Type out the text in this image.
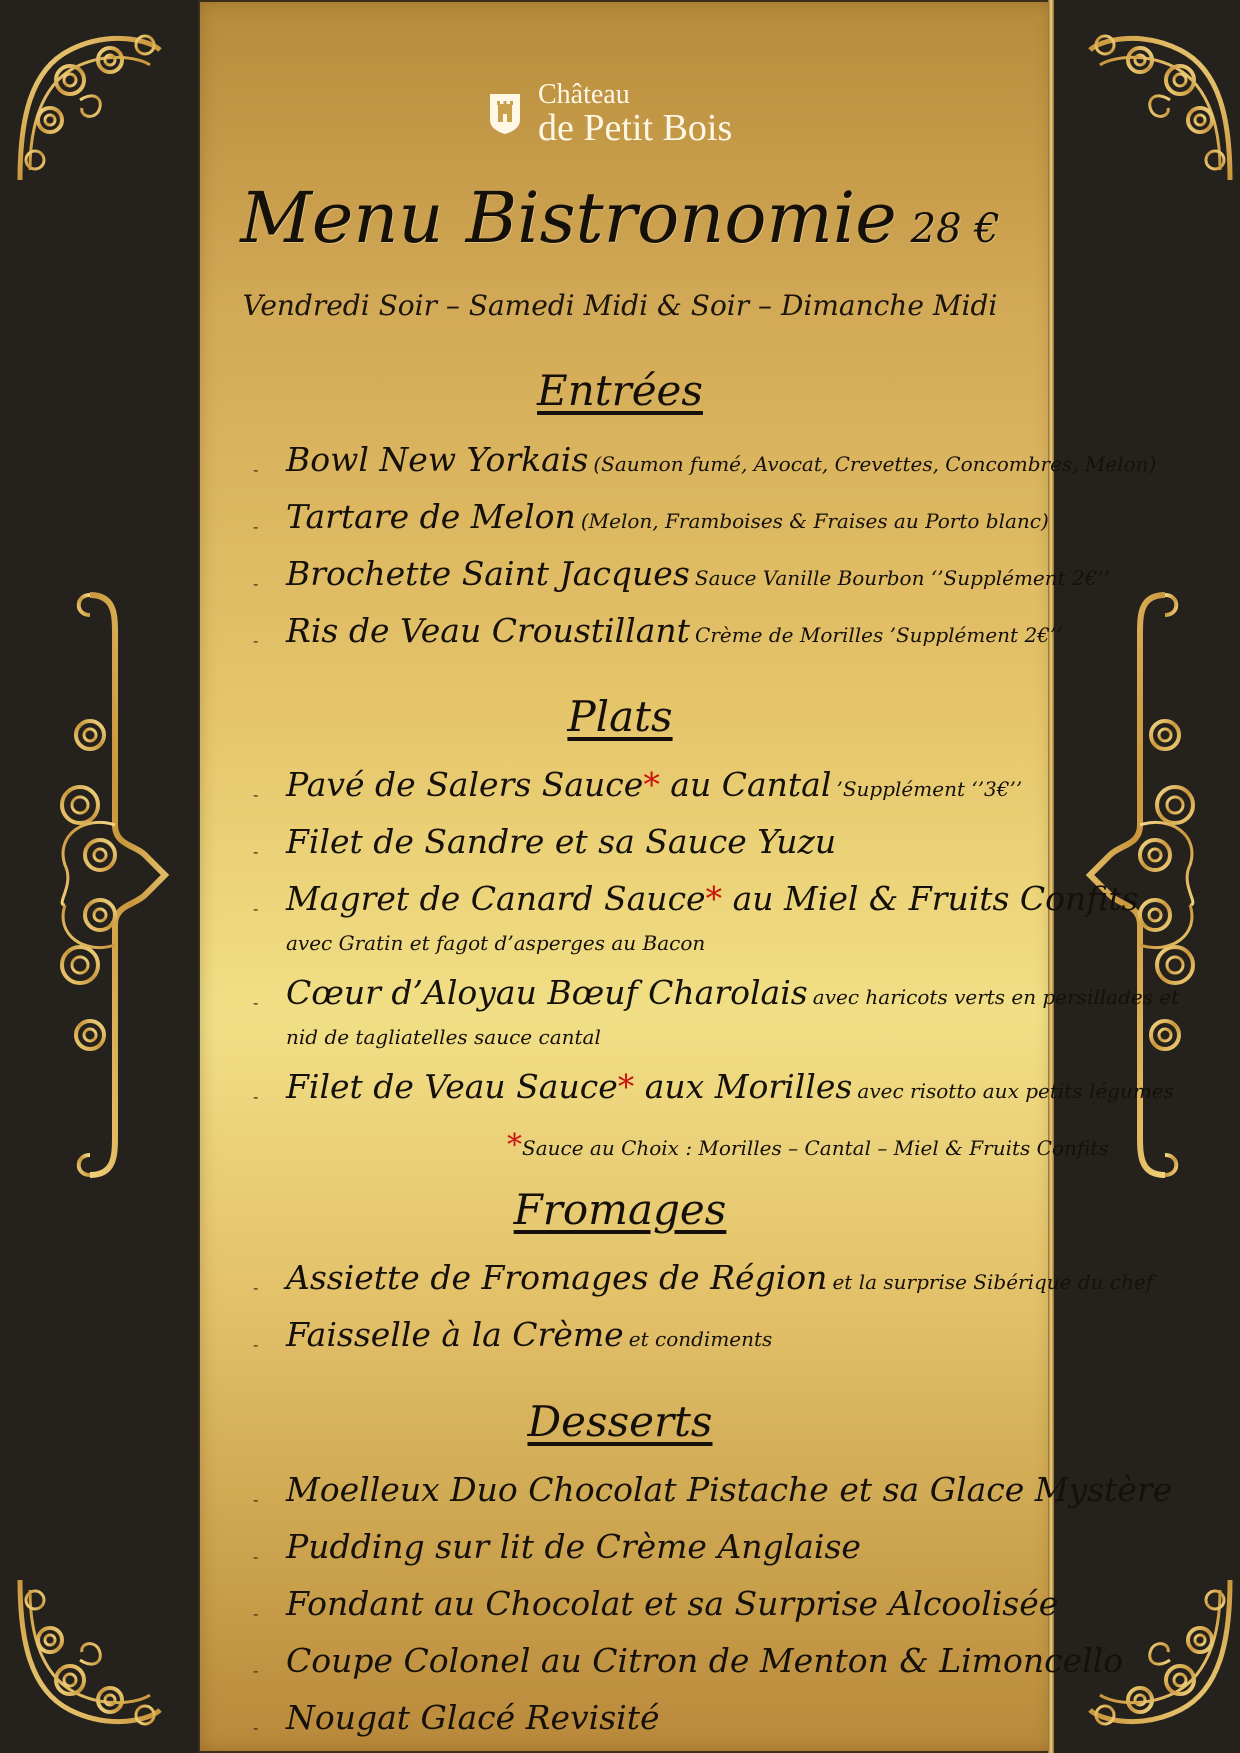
Château
de Petit Bois
Menu Bistronomie 28 €
Vendredi Soir – Samedi Midi & Soir – Dimanche Midi
Entrées
- Bowl New Yorkais (Saumon fumé, Avocat, Crevettes, Concombres, Melon)
- Tartare de Melon (Melon, Framboises & Fraises au Porto blanc)
- Brochette Saint Jacques Sauce Vanille Bourbon ‘’Supplément 2€’’
- Ris de Veau Croustillant Crème de Morilles ’Supplément 2€’’
Plats
- Pavé de Salers Sauce* au Cantal ’Supplément ‘’3€’’
- Filet de Sandre et sa Sauce Yuzu
- Magret de Canard Sauce* au Miel & Fruits Confits
avec Gratin et fagot d’asperges au Bacon
- Cœur d’Aloyau Bœuf Charolais avec haricots verts en persillades et
nid de tagliatelles sauce cantal
- Filet de Veau Sauce* aux Morilles avec risotto aux petits légumes
*Sauce au Choix : Morilles – Cantal – Miel & Fruits Confits
Fromages
- Assiette de Fromages de Région et la surprise Sibérique du chef
- Faisselle à la Crème et condiments
Desserts
- Moelleux Duo Chocolat Pistache et sa Glace Mystère
- Pudding sur lit de Crème Anglaise
- Fondant au Chocolat et sa Surprise Alcoolisée
- Coupe Colonel au Citron de Menton & Limoncello
- Nougat Glacé Revisité
